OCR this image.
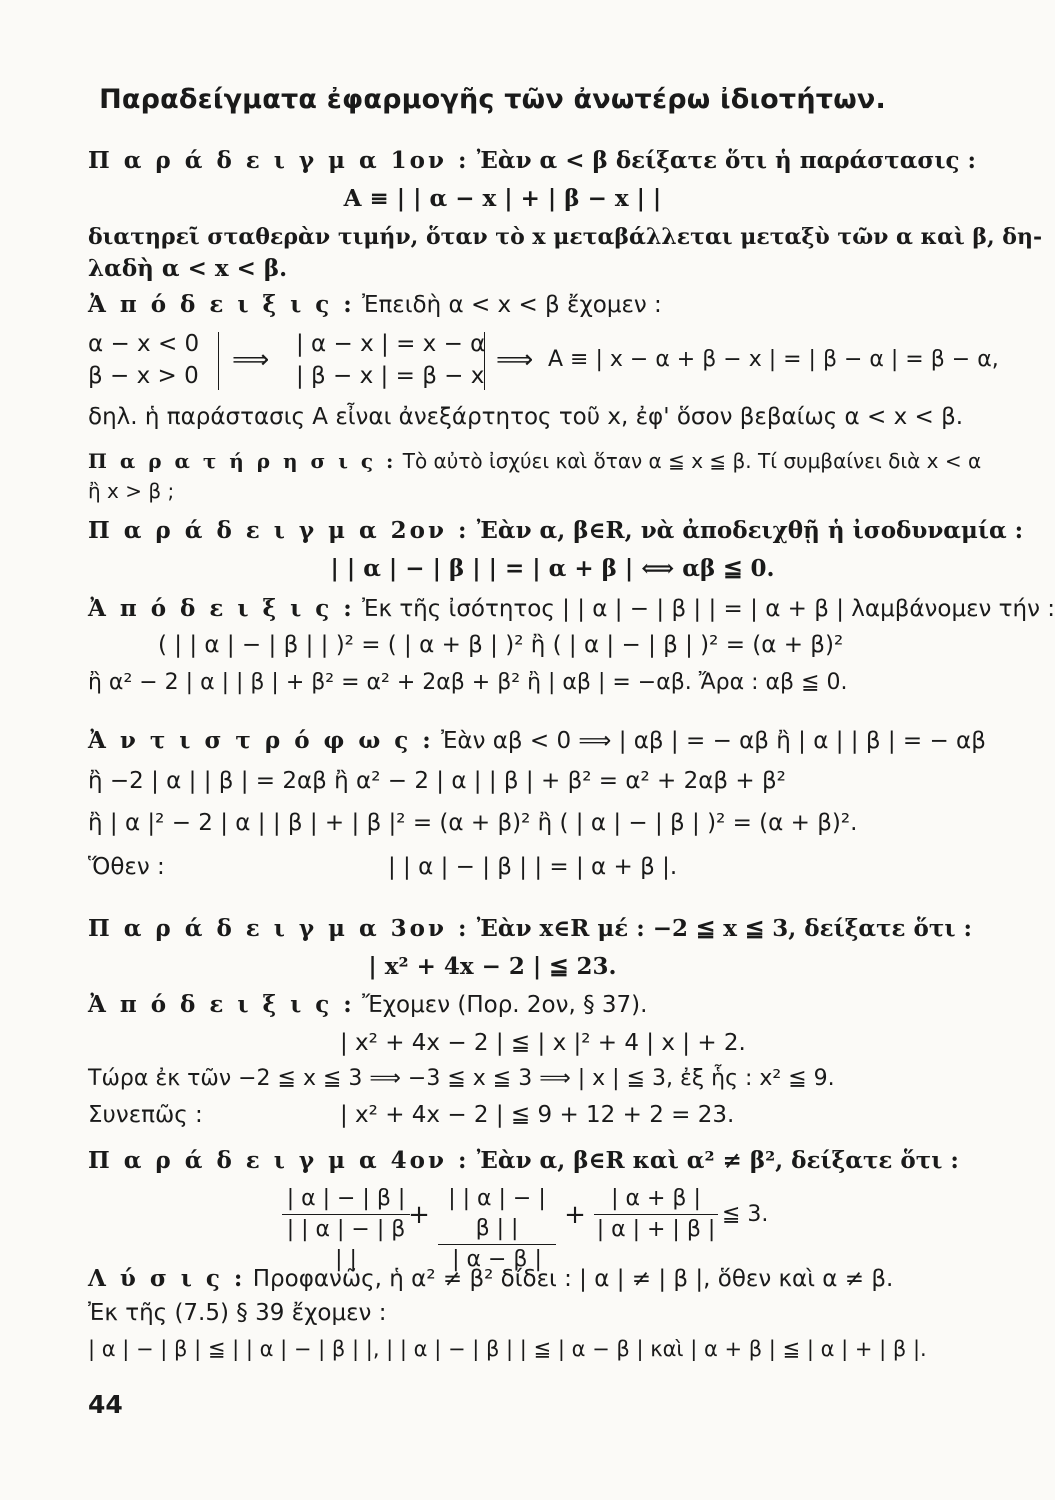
Παραδείγματα ἐφαρμογῆς τῶν ἀνωτέρω ἰδιοτήτων.
Π α ρ ά δ ε ι γ μ α 1ον : Ἐὰν α < β δείξατε ὅτι ἡ παράστασις :
A ≡ | | α − x | + | β − x | |
διατηρεῖ σταθερὰν τιμήν, ὅταν τὸ x μεταβάλλεται μεταξὺ τῶν α καὶ β, δη-
λαδὴ α < x < β.
Ἀ π ό δ ε ι ξ ι ς : Ἐπειδὴ α < x < β ἔχομεν :
α − x < 0
β − x > 0
⟹
| α − x | = x − α
| β − x | = β − x
⟹ A ≡ | x − α + β − x | = | β − α | = β − α,
δηλ. ἡ παράστασις A εἶναι ἀνεξάρτητος τοῦ x, ἐφ' ὅσον βεβαίως α < x < β.
Π α ρ α τ ή ρ η σ ι ς : Τὸ αὐτὸ ἰσχύει καὶ ὅταν α ≦ x ≦ β. Τί συμβαίνει διὰ x < α
ἢ x > β ;
Π α ρ ά δ ε ι γ μ α 2ον : Ἐὰν α, β∈R, νὰ ἀποδειχθῇ ἡ ἰσοδυναμία :
| | α | − | β | | = | α + β | ⟺ αβ ≦ 0.
Ἀ π ό δ ε ι ξ ι ς : Ἐκ τῆς ἰσότητος | | α | − | β | | = | α + β | λαμβάνομεν τήν :
( | | α | − | β | | )² = ( | α + β | )² ἢ ( | α | − | β | )² = (α + β)²
ἢ α² − 2 | α | | β | + β² = α² + 2αβ + β² ἢ | αβ | = −αβ. Ἄρα : αβ ≦ 0.
Ἀ ν τ ι σ τ ρ ό φ ω ς : Ἐὰν αβ < 0 ⟹ | αβ | = − αβ ἢ | α | | β | = − αβ
ἢ −2 | α | | β | = 2αβ ἢ α² − 2 | α | | β | + β² = α² + 2αβ + β²
ἢ | α |² − 2 | α | | β | + | β |² = (α + β)² ἢ ( | α | − | β | )² = (α + β)².
Ὅθεν :	| | α | − | β | | = | α + β |.
Π α ρ ά δ ε ι γ μ α 3ον : Ἐὰν x∈R μέ : −2 ≦ x ≦ 3, δείξατε ὅτι :
| x² + 4x − 2 | ≦ 23.
Ἀ π ό δ ε ι ξ ι ς : Ἔχομεν (Πορ. 2ον, § 37).
| x² + 4x − 2 | ≦ | x |² + 4 | x | + 2.
Τώρα ἐκ τῶν −2 ≦ x ≦ 3 ⟹ −3 ≦ x ≦ 3 ⟹ | x | ≦ 3, ἐξ ἧς : x² ≦ 9.
Συνεπῶς :	| x² + 4x − 2 | ≦ 9 + 12 + 2 = 23.
Π α ρ ά δ ε ι γ μ α 4ον : Ἐὰν α, β∈R καὶ α² ≠ β², δείξατε ὅτι :
| α | − | β |
| | α | − | β | |
+
| | α | − | β | |
| α − β |
+
| α + β |
| α | + | β |
≦ 3.
Λ ύ σ ι ς : Προφανῶς, ἡ α² ≠ β² δίδει : | α | ≠ | β |, ὅθεν καὶ α ≠ β.
Ἐκ τῆς (7.5) § 39 ἔχομεν :
| α | − | β | ≦ | | α | − | β | |, | | α | − | β | | ≦ | α − β | καὶ | α + β | ≦ | α | + | β |.
44
